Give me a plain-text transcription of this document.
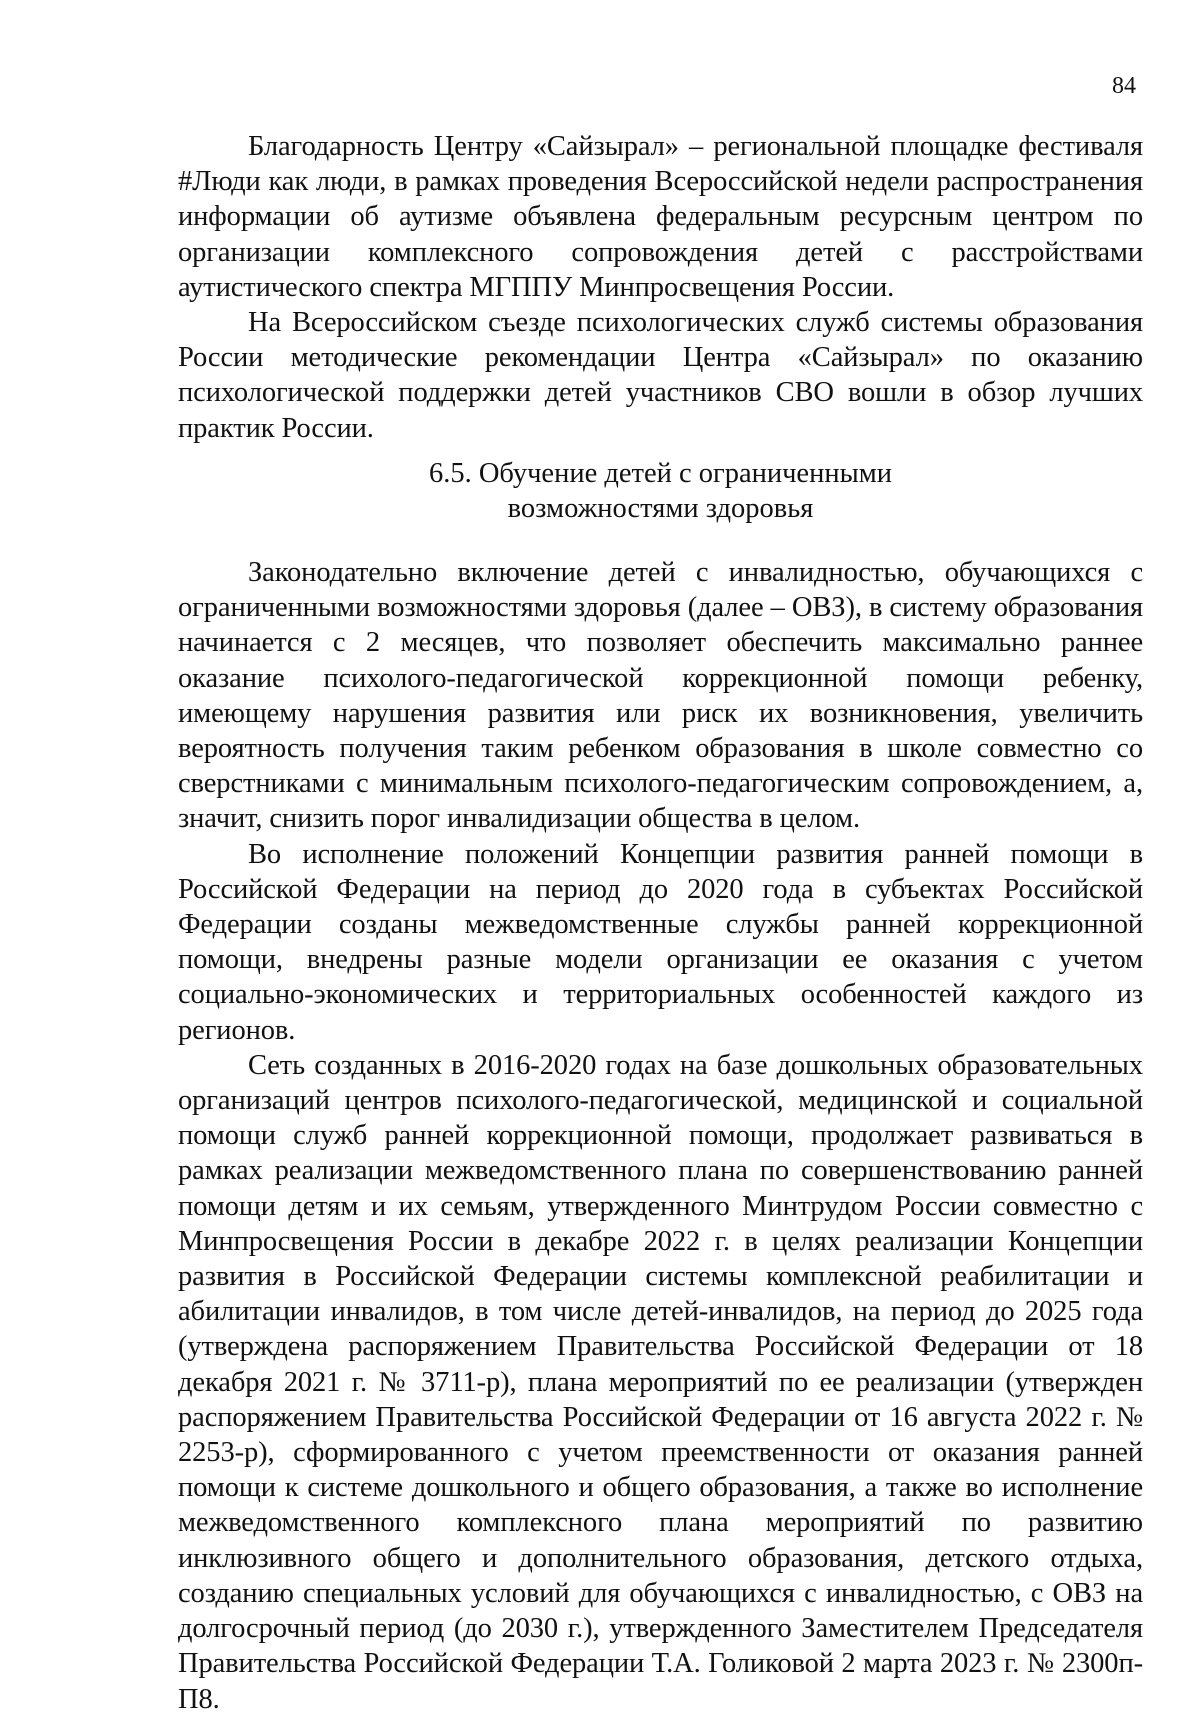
84

Благодарность Центру «Сайзырал» – региональной площадке фестиваля #Люди как люди, в рамках проведения Всероссийской недели распространения информации об аутизме объявлена федеральным ресурсным центром по организации комплексного сопровождения детей с расстройствами аутистического спектра МГППУ Минпросвещения России.

На Всероссийском съезде психологических служб системы образования России методические рекомендации Центра «Сайзырал» по оказанию психологической поддержки детей участников СВО вошли в обзор лучших практик России.

6.5. Обучение детей с ограниченными
возможностями здоровья

Законодательно включение детей с инвалидностью, обучающихся с ограниченными возможностями здоровья (далее – ОВЗ), в систему образования начинается с 2 месяцев, что позволяет обеспечить максимально раннее оказание психолого-педагогической коррекционной помощи ребенку, имеющему нарушения развития или риск их возникновения, увеличить вероятность получения таким ребенком образования в школе совместно со сверстниками с минимальным психолого-педагогическим сопровождением, а, значит, снизить порог инвалидизации общества в целом.

Во исполнение положений Концепции развития ранней помощи в Российской Федерации на период до 2020 года в субъектах Российской Федерации созданы межведомственные службы ранней коррекционной помощи, внедрены разные модели организации ее оказания с учетом социально-экономических и территориальных особенностей каждого из регионов.

Сеть созданных в 2016-2020 годах на базе дошкольных образовательных организаций центров психолого-педагогической, медицинской и социальной помощи служб ранней коррекционной помощи, продолжает развиваться в рамках реализации межведомственного плана по совершенствованию ранней помощи детям и их семьям, утвержденного Минтрудом России совместно с Минпросвещения России в декабре 2022 г. в целях реализации Концепции развития в Российской Федерации системы комплексной реабилитации и абилитации инвалидов, в том числе детей-инвалидов, на период до 2025 года (утверждена распоряжением Правительства Российской Федерации от 18 декабря 2021 г. № 3711-р), плана мероприятий по ее реализации (утвержден распоряжением Правительства Российской Федерации от 16 августа 2022 г. № 2253-р), сформированного с учетом преемственности от оказания ранней помощи к системе дошкольного и общего образования, а также во исполнение межведомственного комплексного плана мероприятий по развитию инклюзивного общего и дополнительного образования, детского отдыха, созданию специальных условий для обучающихся с инвалидностью, с ОВЗ на долгосрочный период (до 2030 г.), утвержденного Заместителем Председателя Правительства Российской Федерации Т.А. Голиковой 2 марта 2023 г. № 2300п-П8.
